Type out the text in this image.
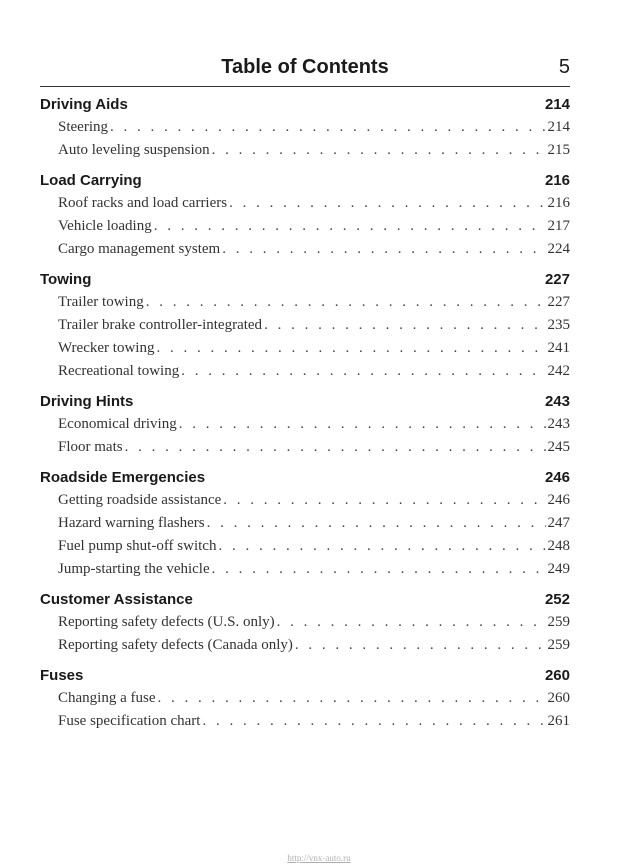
Table of Contents	5
Driving Aids	214
Steering . . .	214
Auto leveling suspension . . .	215
Load Carrying	216
Roof racks and load carriers . . .	216
Vehicle loading . . .	217
Cargo management system . . .	224
Towing	227
Trailer towing . . .	227
Trailer brake controller-integrated . . .	235
Wrecker towing . . .	241
Recreational towing . . .	242
Driving Hints	243
Economical driving . . .	243
Floor mats . . .	245
Roadside Emergencies	246
Getting roadside assistance . . .	246
Hazard warning flashers . . .	247
Fuel pump shut-off switch . . .	248
Jump-starting the vehicle . . .	249
Customer Assistance	252
Reporting safety defects (U.S. only) . . .	259
Reporting safety defects (Canada only) . . .	259
Fuses	260
Changing a fuse . . .	260
Fuse specification chart . . .	261
http://vnx-auto.ru
